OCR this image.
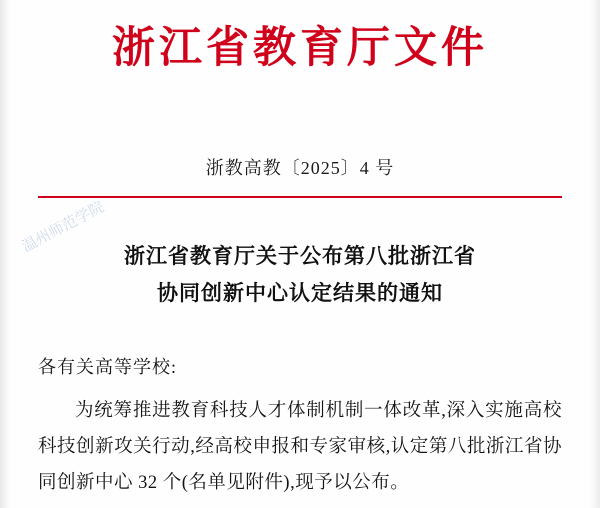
温州师范学院
浙江省教育厅文件
浙教高教〔2025〕4 号
浙江省教育厅关于公布第八批浙江省
协同创新中心认定结果的通知
各有关高等学校:
为统筹推进教育科技人才体制机制一体改革,深入实施高校科技创新攻关行动,经高校申报和专家审核,认定第八批浙江省协同创新中心 32 个(名单见附件),现予以公布。
